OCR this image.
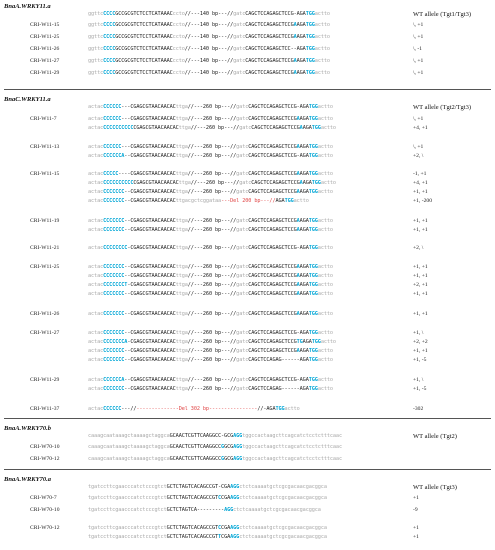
BnaA.WRKY11.a
ggttcCCCCGCCGCGTCTCCTCATAAACccto//---140 bp---//gatcCAGCTCCAGAGCTCCG-AGATGGactto	WT allele (Tgt1/Tgt3)
CRI-W11-15	ggttcCCCCGCCGCGTCTCCTCATAAACccto//---140 bp---//gatcCAGCTCCAGAGCTCCGAAGATGGactto	\, +1
CRI-W11-25	ggttcCCCCGCCGCGTCTCCTCATAAACccto//---140 bp---//gatcCAGCTCCAGAGCTCCGAAGATGGactto	\, +1
CRI-W11-26	ggttcCCCCGCCGCGTCTCCTCATAAACccto//---140 bp---//gatcCAGCTCCAGAGCTCC--AGATGGactto	\, -1
CRI-W11-27	ggttcCCCCGCCGCGTCTCCTCATAAACccto//---140 bp---//gatcCAGCTCCAGAGCTCCGAAGATGGactto	\, +1
CRI-W11-29	ggttcCCCCGCCGCGTCTCCTCATAAACccto//---140 bp---//gatcCAGCTCCAGAGCTCCGAAGATGGactto	\, +1
BnaC.WRKY11.a
actacCCCCCC---CGAGCGTAACAACACttga//---260 bp---//gatcCAGCTCCAGAGCTCCG-AGATGGactto	WT allele (Tgt2/Tgt3)
CRI-W11-7	actacCCCCCC---CGAGCGTAACAACACttga//---260 bp---//gatcCAGCTCCAGAGCTCCGAAGATGGactto	\, +1
actacCCCCCCCCCCCGAGCGTAACAACACttga//---260 bp---//gatcCAGCTCCAGAGCTCCGAAGATGGactto	+4, +1
CRI-W11-13	actacCCCCCC---CGAGCGTAACAACACttga//---260 bp---//gatcCAGCTCCAGAGCTCCGAAGATGGactto	\, +1
actacCCCCCCA--CGAGCGTAACAACACttga//---260 bp---//gatcCAGCTCCAGAGCTCCG-AGATGGactto	+2, \
CRI-W11-15	actacCCCCC----CGAGCGTAACAACACttga//---260 bp---//gatcCAGCTCCAGAGCTCCGAAGATGGactto	-1, +1
actacCCCCCCCCCCCGAGCGTAACAACACttga//---260 bp---//gatcCAGCTCCAGAGCTCCGAAGATGGactto	+4, +1
actacCCCCCCC--CGAGCGTAACAACACttga//---260 bp---//gatcCAGCTCCAGAGCTCCGAAGATGGactto	+1, +1
actacCCCCCCC--CGAGCGTAACAACACttgacgctcggataa---Del 200 bp---//AGATGGactto	+1, -200
CRI-W11-19	actacCCCCCCC--CGAGCGTAACAACACttga//---260 bp---//gatcCAGCTCCAGAGCTCCGAAGATGGactto	+1, +1
actacCCCCCCC--CGAGCGTAACAACACttga//---260 bp---//gatcCAGCTCCAGAGCTCCGAAGATGGactto	+1, +1
CRI-W11-21	actacCCCCCCCC-CGAGCGTAACAACACttga//---260 bp---//gatcCAGCTCCAGAGCTCCG-AGATGGactto	+2, \
CRI-W11-25	actacCCCCCCC--CGAGCGTAACAACACttga//---260 bp---//gatcCAGCTCCAGAGCTCCGAAGATGGactto	+1, +1
actacCCCCCCC--CGAGCGTAACAACACttga//---260 bp---//gatcCAGCTCCAGAGCTCCGAAGATGGactto	+1, +1
actacCCCCCCCT-CGAGCGTAACAACACttga//---260 bp---//gatcCAGCTCCAGAGCTCCGAAGATGGactto	+2, +1
actacCCCCCCC--CGAGCGTAACAACACttga//---260 bp---//gatcCAGCTCCAGAGCTCCGAAGATGGactto	+1, +1
CRI-W11-26	actacCCCCCCC--CGAGCGTAACAACACttga//---260 bp---//gatcCAGCTCCAGAGCTCCGAAGATGGactto	+1, +1
CRI-W11-27	actacCCCCCCC--CGAGCGTAACAACACttga//---260 bp---//gatcCAGCTCCAGAGCTCCG-AGATGGactto	+1, \
actacCCCCCCCA-CGAGCGTAACAACACttga//---260 bp---//gatcCAGCTCCAGAGCTCCGTGAGATGGactto	+2, +2
actacCCCCCCC--CGAGCGTAACAACACttga//---260 bp---//gatcCAGCTCCAGAGCTCCGAAGATGGactto	+1, +1
actacCCCCCCC--CGAGCGTAACAACACttga//---260 bp---//gatcCAGCTCCAGAG------AGATGGactto	+1, -5
CRI-W11-29	actacCCCCCCA--CGAGCGTAACAACACttga//---260 bp---//gatcCAGCTCCAGAGCTCCG-AGATGGactto	+1, \
actacCCCCCCC--CGAGCGTAACAACACttga//---260 bp---//gatcCAGCTCCAGAG------AGATGGactto	+1, -5
CRI-W11-37	actacCCCCCC---//--------------Del 302 bp----------------//-AGATGGactto	-302
BnaA.WRKY70.b
caaagcaataaagctaaaagctaggcaGCAACTCGTTCAAGGCC-GCGAGGtggccactaagcttcagcatctcctctttcaac	WT allele (Tgt2)
CRI-W70-10	caaagcaataaagctaaaagctaggcaGCAACTCGTTCAAGGCCGGCGAGGtggccactaagcttcagcatctcctctttcaac
CRI-W70-12	caaagcaataaagctaaaagctaggcaGCAACTCGTTCAAGGCCGGCGAGGtggccactaagcttcagcatctcctctttcaac
BnaA.WRKY70.a
tgatccttcgaacccatctcccgtctGCTCTAGTCACAGCCGT-CGAAGGctctcaaaatgctcgcgacaacgacggca	WT allele (Tgt3)
CRI-W70-7	tgatccttcgaacccatctcccgtctGCTCTAGTCACAGCCGTCCGAAGGctctcaaaatgctcgcgacaacgacggca	+1
CRI-W70-10	tgatccttcgaacccatctcccgtctGCTCTAGTCA---------AGGctctcaaaatgctcgcgacaacgacggca	-9
CRI-W70-12	tgatccttcgaacccatctcccgtctGCTCTAGTCACAGCCGTCCGAAGGctctcaaaatgctcgcgacaacgacggca	+1
tgatccttcgaacccatctcccgtctGCTCTAGTCACAGCCGTTCGAAGGctctcaaaatgctcgcgacaacgacggca	+1
